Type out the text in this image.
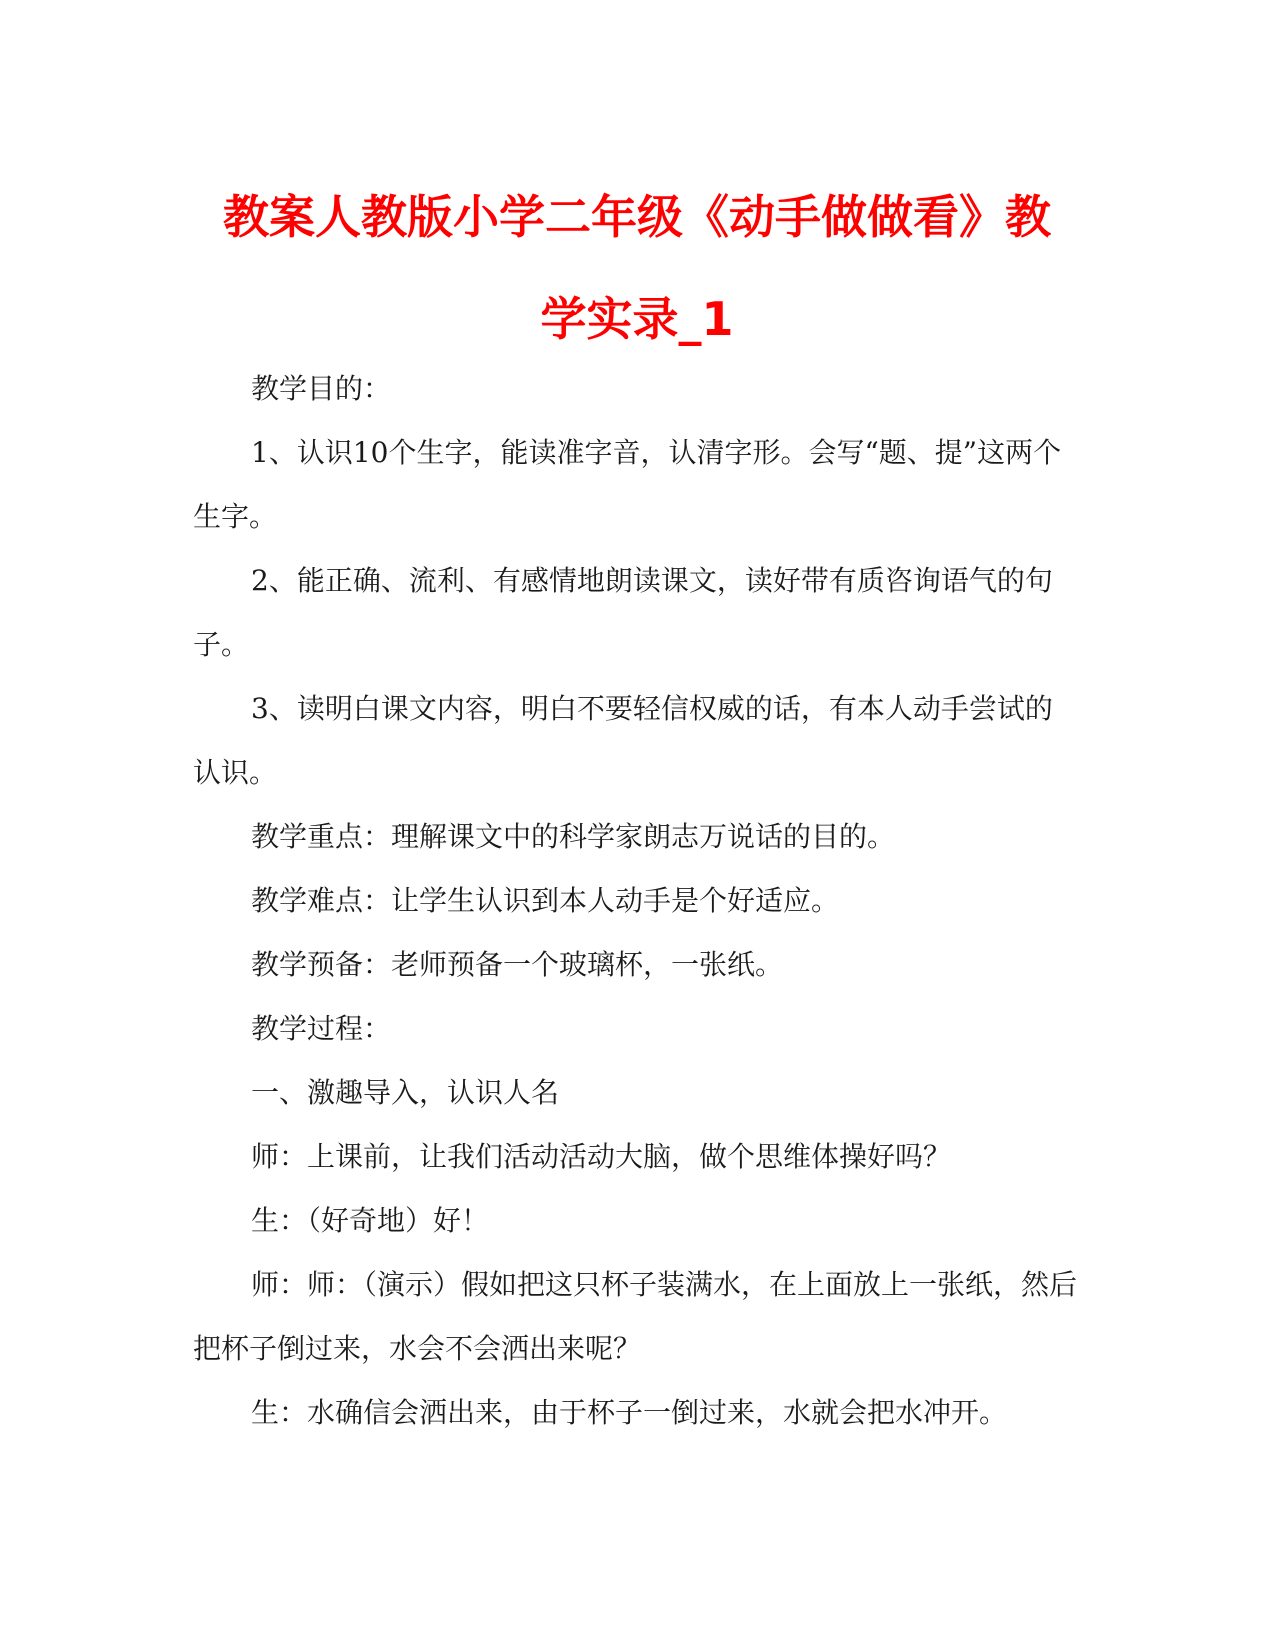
教案人教版小学二年级《动手做做看》教
学实录_1

教学目的：

1、认识10个生字，能读准字音，认清字形。会写“题、提”这两个生字。

2、能正确、流利、有感情地朗读课文，读好带有质咨询语气的句子。

3、读明白课文内容，明白不要轻信权威的话，有本人动手尝试的认识。

教学重点：理解课文中的科学家朗志万说话的目的。

教学难点：让学生认识到本人动手是个好适应。

教学预备：老师预备一个玻璃杯，一张纸。

教学过程：

一、激趣导入，认识人名

师：上课前，让我们活动活动大脑，做个思维体操好吗？

生：（好奇地）好！

师：师：（演示）假如把这只杯子装满水，在上面放上一张纸，然后把杯子倒过来，水会不会洒出来呢？

生：水确信会洒出来，由于杯子一倒过来，水就会把水冲开。
